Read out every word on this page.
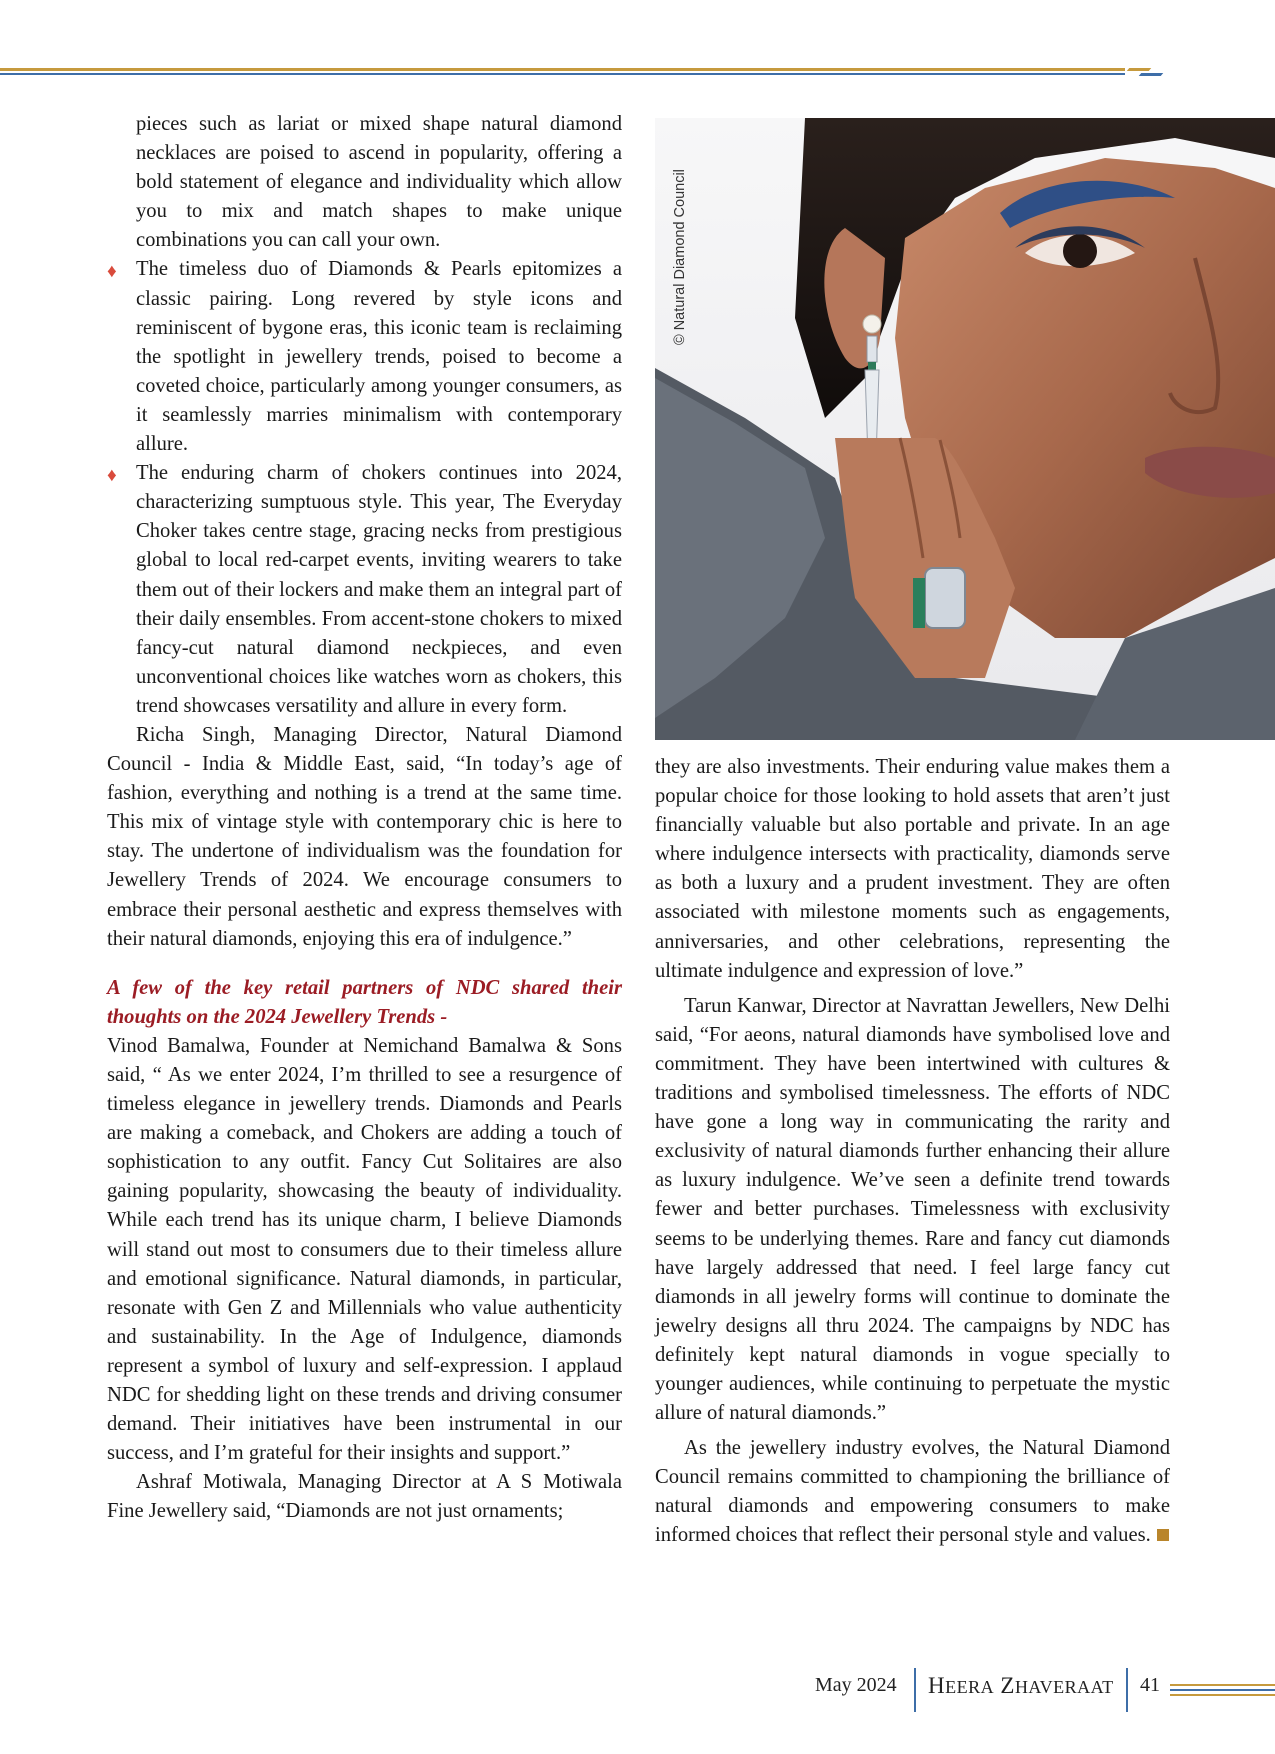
pieces such as lariat or mixed shape natural diamond necklaces are poised to ascend in popularity, offering a bold statement of elegance and individuality which allow you to mix and match shapes to make unique combinations you can call your own.

♦ The timeless duo of Diamonds & Pearls epitomizes a classic pairing. Long revered by style icons and reminiscent of bygone eras, this iconic team is reclaiming the spotlight in jewellery trends, poised to become a coveted choice, particularly among younger consumers, as it seamlessly marries minimalism with contemporary allure.
♦ The enduring charm of chokers continues into 2024, characterizing sumptuous style. This year, The Everyday Choker takes centre stage, gracing necks from prestigious global to local red-carpet events, inviting wearers to take them out of their lockers and make them an integral part of their daily ensembles. From accent-stone chokers to mixed fancy-cut natural diamond neckpieces, and even unconventional choices like watches worn as chokers, this trend showcases versatility and allure in every form.

Richa Singh, Managing Director, Natural Diamond Council - India & Middle East, said, “In today’s age of fashion, everything and nothing is a trend at the same time. This mix of vintage style with contemporary chic is here to stay. The undertone of individualism was the foundation for Jewellery Trends of 2024. We encourage consumers to embrace their personal aesthetic and express themselves with their natural diamonds, enjoying this era of indulgence.”

A few of the key retail partners of NDC shared their thoughts on the 2024 Jewellery Trends -

Vinod Bamalwa, Founder at Nemichand Bamalwa & Sons said, “ As we enter 2024, I’m thrilled to see a resurgence of timeless elegance in jewellery trends. Diamonds and Pearls are making a comeback, and Chokers are adding a touch of sophistication to any outfit. Fancy Cut Solitaires are also gaining popularity, showcasing the beauty of individuality. While each trend has its unique charm, I believe Diamonds will stand out most to consumers due to their timeless allure and emotional significance. Natural diamonds, in particular, resonate with Gen Z and Millennials who value authenticity and sustainability. In the Age of Indulgence, diamonds represent a symbol of luxury and self-expression. I applaud NDC for shedding light on these trends and driving consumer demand. Their initiatives have been instrumental in our success, and I’m grateful for their insights and support.”

Ashraf Motiwala, Managing Director at A S Motiwala Fine Jewellery said, “Diamonds are not just ornaments;

© Natural Diamond Council

they are also investments. Their enduring value makes them a popular choice for those looking to hold assets that aren’t just financially valuable but also portable and private. In an age where indulgence intersects with practicality, diamonds serve as both a luxury and a prudent investment. They are often associated with milestone moments such as engagements, anniversaries, and other celebrations, representing the ultimate indulgence and expression of love.”

Tarun Kanwar, Director at Navrattan Jewellers, New Delhi said, “For aeons, natural diamonds have symbolised love and commitment. They have been intertwined with cultures & traditions and symbolised timelessness. The efforts of NDC have gone a long way in communicating the rarity and exclusivity of natural diamonds further enhancing their allure as luxury indulgence. We’ve seen a definite trend towards fewer and better purchases. Timelessness with exclusivity seems to be underlying themes. Rare and fancy cut diamonds have largely addressed that need. I feel large fancy cut diamonds in all jewelry forms will continue to dominate the jewelry designs all thru 2024. The campaigns by NDC has definitely kept natural diamonds in vogue specially to younger audiences, while continuing to perpetuate the mystic allure of natural diamonds.”

As the jewellery industry evolves, the Natural Diamond Council remains committed to championing the brilliance of natural diamonds and empowering consumers to make informed choices that reflect their personal style and values.

May 2024 HEERA ZHAVERAAT 41
